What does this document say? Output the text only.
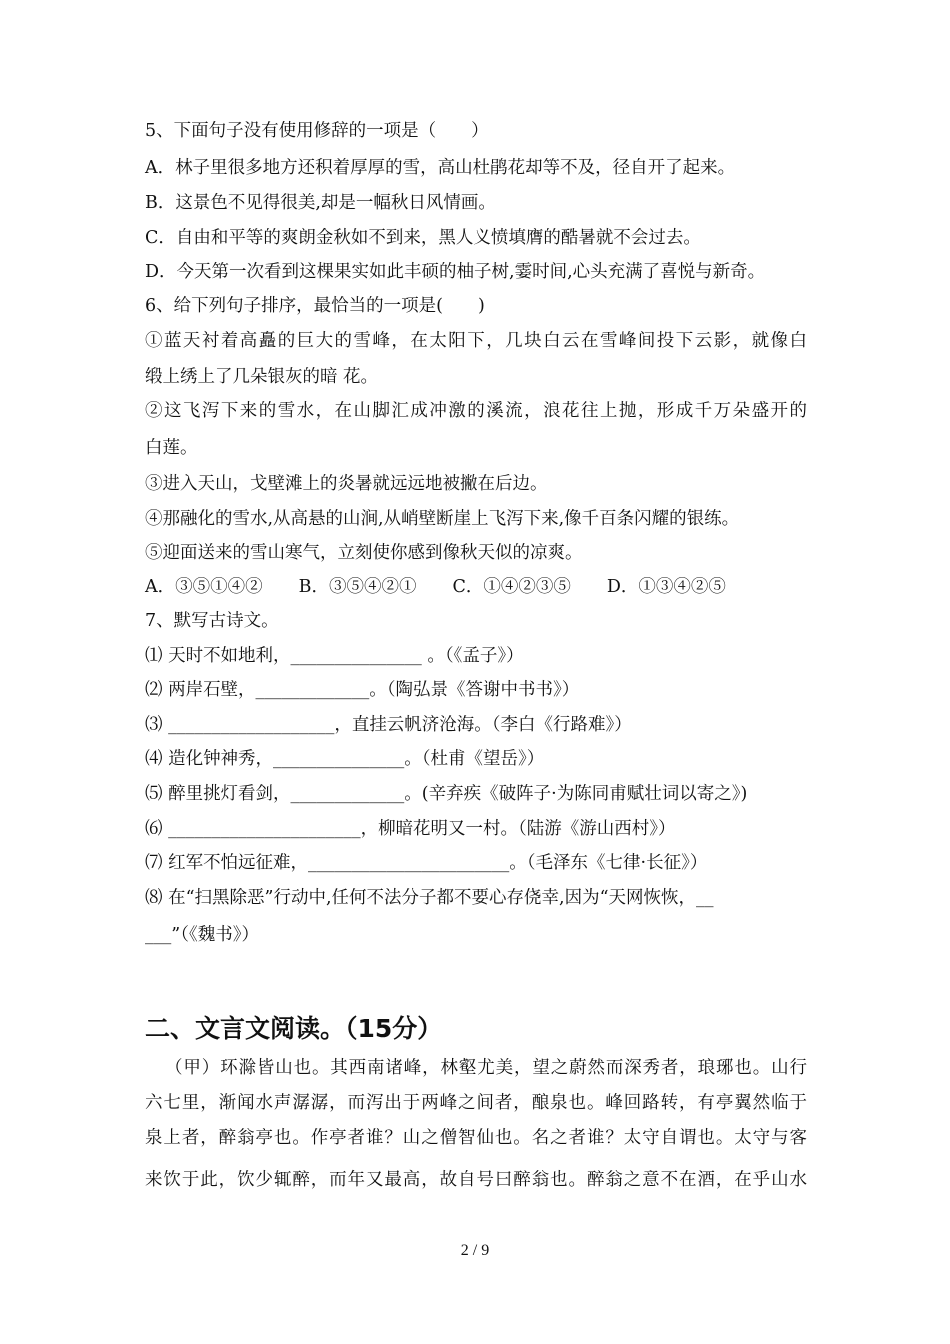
5、下面句子没有使用修辞的一项是（　　）
A．林子里很多地方还积着厚厚的雪，高山杜鹃花却等不及，径自开了起来。
B．这景色不见得很美,却是一幅秋日风情画。
C．自由和平等的爽朗金秋如不到来，黑人义愤填膺的酷暑就不会过去。
D．今天第一次看到这棵果实如此丰硕的柚子树,霎时间,心头充满了喜悦与新奇。
6、给下列句子排序，最恰当的一项是(　　)
①蓝天衬着高矗的巨大的雪峰，在太阳下，几块白云在雪峰间投下云影，就像白
缎上绣上了几朵银灰的暗 花。
②这飞泻下来的雪水，在山脚汇成冲激的溪流，浪花往上抛，形成千万朵盛开的
白莲。
③进入天山，戈壁滩上的炎暑就远远地被撇在后边。
④那融化的雪水,从高悬的山涧,从峭壁断崖上飞泻下来,像千百条闪耀的银练。
⑤迎面送来的雪山寒气，立刻使你感到像秋天似的凉爽。
A．③⑤①④② B．③⑤④②① C．①④②③⑤ D．①③④②⑤
7、默写古诗文。
⑴ 天时不如地利，_______________ 。（《孟子》）
⑵ 两岸石壁，_____________。（陶弘景《答谢中书书》）
⑶ ___________________，直挂云帆济沧海。（李白《行路难》）
⑷ 造化钟神秀，_______________。（杜甫《望岳》）
⑸ 醉里挑灯看剑，_____________。(辛弃疾《破阵子·为陈同甫赋壮词以寄之》)
⑹ ______________________，柳暗花明又一村。（陆游《游山西村》）
⑺ 红军不怕远征难，_______________________。（毛泽东《七律·长征》）
⑻ 在“扫黑除恶”行动中,任何不法分子都不要心存侥幸,因为“天网恢恢，__
___”（《魏书》）
二、文言文阅读。（15分）
（甲）环滁皆山也。其西南诸峰，林壑尤美，望之蔚然而深秀者，琅琊也。山行
六七里，渐闻水声潺潺，而泻出于两峰之间者，酿泉也。峰回路转，有亭翼然临于
泉上者，醉翁亭也。作亭者谁？山之僧智仙也。名之者谁？太守自谓也。太守与客
来饮于此，饮少辄醉，而年又最高，故自号曰醉翁也。醉翁之意不在酒，在乎山水
2 / 9
